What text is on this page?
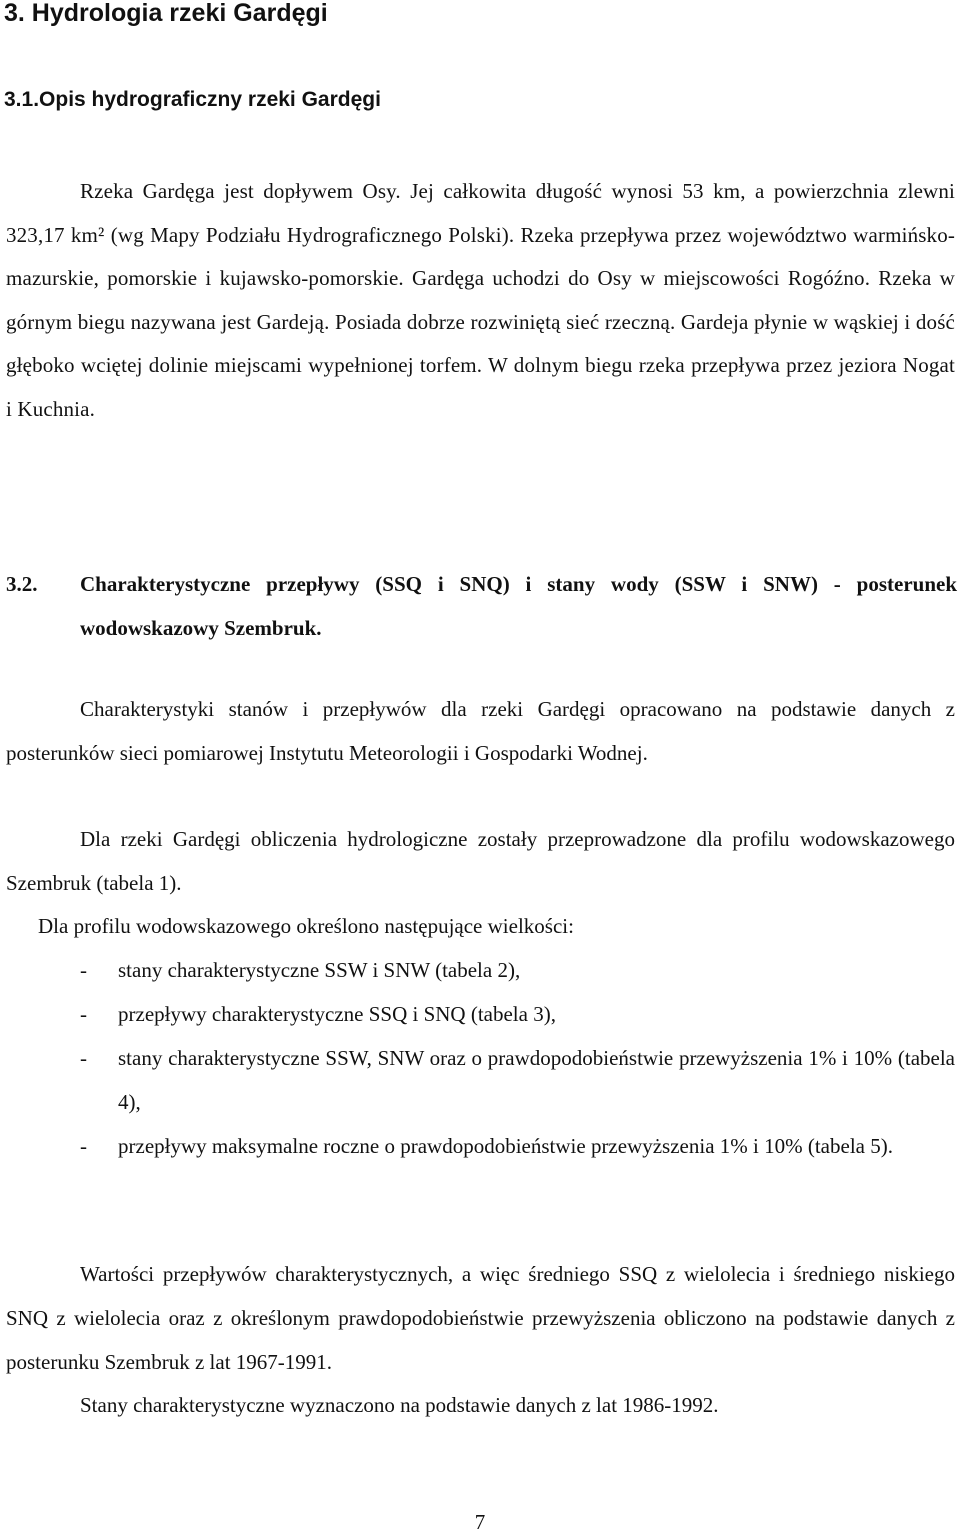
3. Hydrologia rzeki Gardęgi
3.1.Opis hydrograficzny rzeki Gardęgi

Rzeka Gardęga jest dopływem Osy. Jej całkowita długość wynosi 53 km, a powierzchnia zlewni 323,17 km² (wg Mapy Podziału Hydrograficznego Polski). Rzeka przepływa przez województwo warmińsko-mazurskie, pomorskie i kujawsko-pomorskie. Gardęga uchodzi do Osy w miejscowości Rogóźno. Rzeka w górnym biegu nazywana jest Gardeją. Posiada dobrze rozwiniętą sieć rzeczną. Gardeja płynie w wąskiej i dość głęboko wciętej dolinie miejscami wypełnionej torfem. W dolnym biegu rzeka przepływa przez jeziora Nogat i Kuchnia.

3.2. Charakterystyczne przepływy (SSQ i SNQ) i stany wody (SSW i SNW) - posterunek wodowskazowy Szembruk.

Charakterystyki stanów i przepływów dla rzeki Gardęgi opracowano na podstawie danych z posterunków sieci pomiarowej Instytutu Meteorologii i Gospodarki Wodnej.

Dla rzeki Gardęgi obliczenia hydrologiczne zostały przeprowadzone dla profilu wodowskazowego Szembruk (tabela 1).

Dla profilu wodowskazowego określono następujące wielkości:

- stany charakterystyczne SSW i SNW (tabela 2),
- przepływy charakterystyczne SSQ i SNQ (tabela 3),
- stany charakterystyczne SSW, SNW oraz o prawdopodobieństwie przewyższenia 1% i 10% (tabela 4),
- przepływy maksymalne roczne o prawdopodobieństwie przewyższenia 1% i 10% (tabela 5).

Wartości przepływów charakterystycznych, a więc średniego SSQ z wielolecia i średniego niskiego SNQ z wielolecia oraz z określonym prawdopodobieństwie przewyższenia obliczono na podstawie danych z posterunku Szembruk z lat 1967-1991.

Stany charakterystyczne wyznaczono na podstawie danych z lat 1986-1992.

7
